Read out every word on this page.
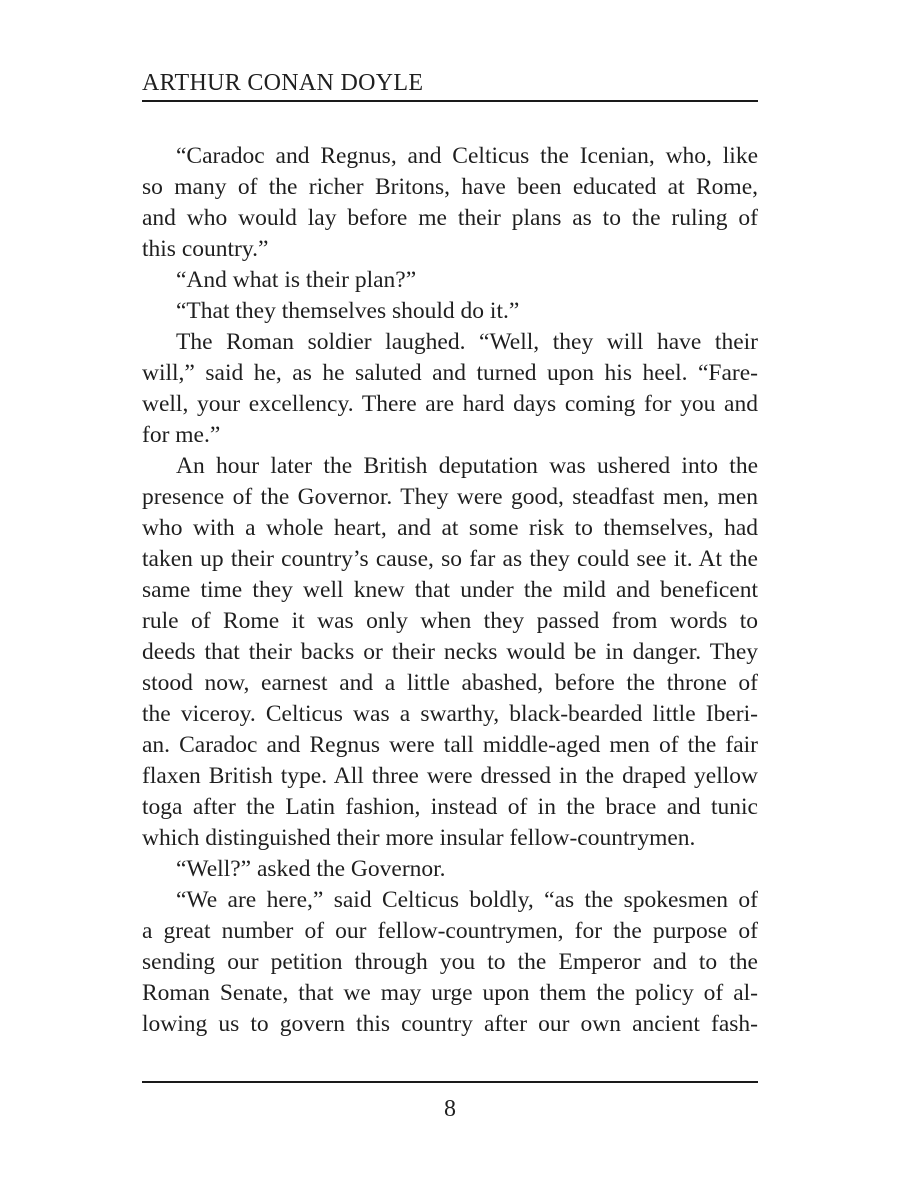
ARTHUR CONAN DOYLE
“Caradoc and Regnus, and Celticus the Icenian, who, like
so many of the richer Britons, have been educated at Rome,
and who would lay before me their plans as to the ruling of
this country.”
“And what is their plan?”
“That they themselves should do it.”
The Roman soldier laughed. “Well, they will have their
will,” said he, as he saluted and turned upon his heel. “Fare-
well, your excellency. There are hard days coming for you and
for me.”
An hour later the British deputation was ushered into the
presence of the Governor. They were good, steadfast men, men
who with a whole heart, and at some risk to themselves, had
taken up their country’s cause, so far as they could see it. At the
same time they well knew that under the mild and beneficent
rule of Rome it was only when they passed from words to
deeds that their backs or their necks would be in danger. They
stood now, earnest and a little abashed, before the throne of
the viceroy. Celticus was a swarthy, black-bearded little Iberi-
an. Caradoc and Regnus were tall middle-aged men of the fair
flaxen British type. All three were dressed in the draped yellow
toga after the Latin fashion, instead of in the brace and tunic
which distinguished their more insular fellow-countrymen.
“Well?” asked the Governor.
“We are here,” said Celticus boldly, “as the spokesmen of
a great number of our fellow-countrymen, for the purpose of
sending our petition through you to the Emperor and to the
Roman Senate, that we may urge upon them the policy of al-
lowing us to govern this country after our own ancient fash-
8
